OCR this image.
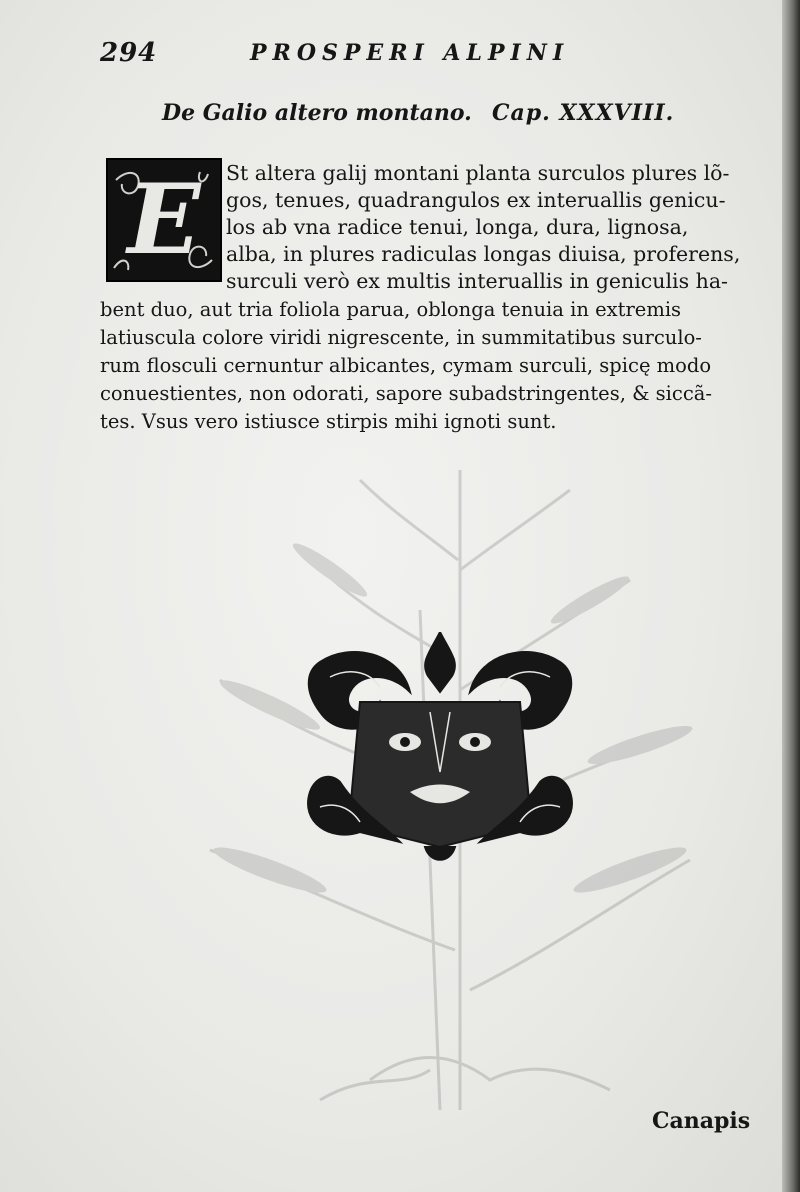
294	PROSPERI ALPINI
De Galio altero montano. Cap. XXXVIII.
E	St altera galij montani planta surculos plures lõ-
gos, tenues, quadrangulos ex interuallis genicu-
los ab vna radice tenui, longa, dura, lignosa,
alba, in plures radiculas longas diuisa, proferens,
surculi verò ex multis interuallis in geniculis ha-
bent duo, aut tria foliola parua, oblonga tenuia in extremis
latiuscula colore viridi nigrescente, in summitatibus surculo-
rum flosculi cernuntur albicantes, cymam surculi, spicę modo
conuestientes, non odorati, sapore subadstringentes, & siccã-
tes. Vsus vero istiusce stirpis mihi ignoti sunt.
Canapis
